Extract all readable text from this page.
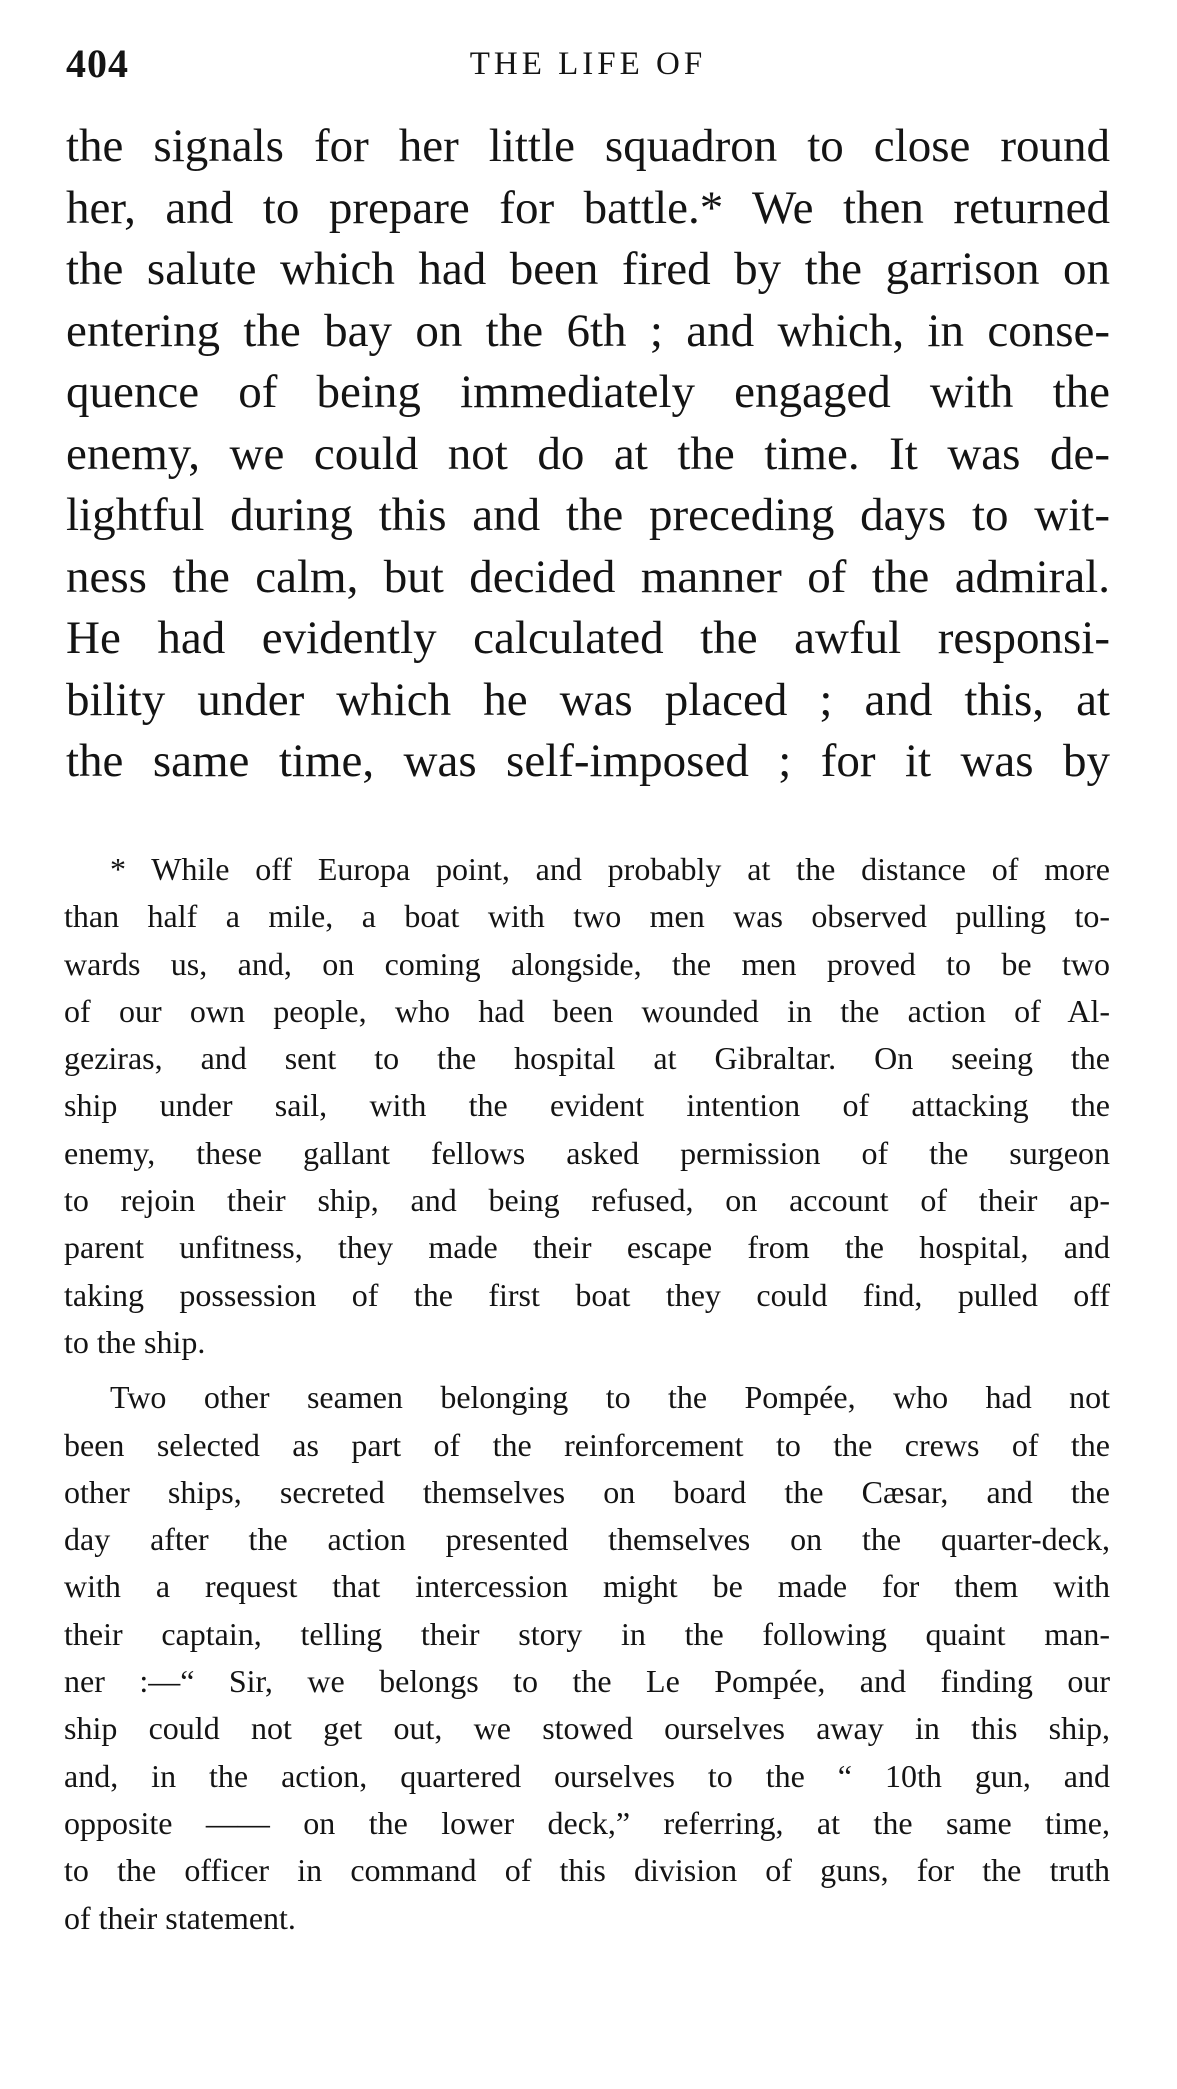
404	THE LIFE OF
the signals for her little squadron to close round
her, and to prepare for battle.* We then returned
the salute which had been fired by the garrison on
entering the bay on the 6th ; and which, in conse-
quence of being immediately engaged with the
enemy, we could not do at the time. It was de-
lightful during this and the preceding days to wit-
ness the calm, but decided manner of the admiral.
He had evidently calculated the awful responsi-
bility under which he was placed ; and this, at
the same time, was self-imposed ; for it was by
* While off Europa point, and probably at the distance of more
than half a mile, a boat with two men was observed pulling to-
wards us, and, on coming alongside, the men proved to be two
of our own people, who had been wounded in the action of Al-
geziras, and sent to the hospital at Gibraltar. On seeing the
ship under sail, with the evident intention of attacking the
enemy, these gallant fellows asked permission of the surgeon
to rejoin their ship, and being refused, on account of their ap-
parent unfitness, they made their escape from the hospital, and
taking possession of the first boat they could find, pulled off
to the ship.
Two other seamen belonging to the Pompée, who had not
been selected as part of the reinforcement to the crews of the
other ships, secreted themselves on board the Cæsar, and the
day after the action presented themselves on the quarter-deck,
with a request that intercession might be made for them with
their captain, telling their story in the following quaint man-
ner :—“ Sir, we belongs to the Le Pompée, and finding our
ship could not get out, we stowed ourselves away in this ship,
and, in the action, quartered ourselves to the “ 10th gun, and
opposite —— on the lower deck,” referring, at the same time,
to the officer in command of this division of guns, for the truth
of their statement.
